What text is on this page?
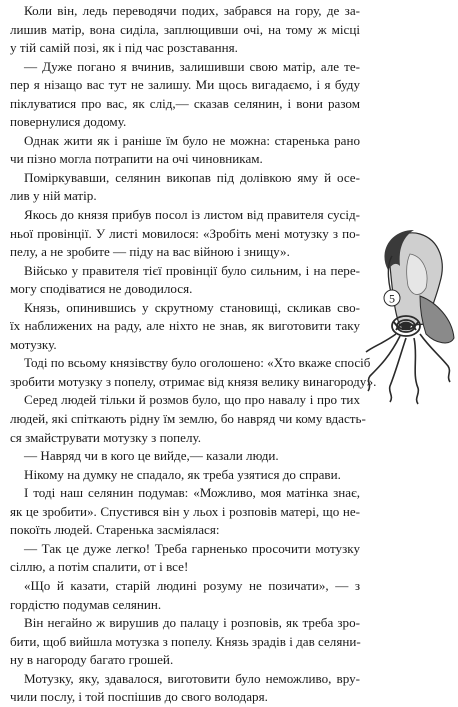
Коли він, ледь переводячи подих, забрався на гору, де за-
лишив матір, вона сиділа, заплющивши очі, на тому ж місці
у тій самій позі, як і під час розставання.

— Дуже погано я вчинив, залишивши свою матір, але те-
пер я нізащо вас тут не залишу. Ми щось вигадаємо, і я буду
піклуватися про вас, як слід,— сказав селянин, і вони разом
повернулися додому.

Однак жити як і раніше їм було не можна: старенька рано
чи пізно могла потрапити на очі чиновникам.

Поміркувавши, селянин викопав під долівкою яму й осе-
лив у ній матір.

Якось до князя прибув посол із листом від правителя сусід-
ньої провінції. У листі мовилося: «Зробіть мені мотузку з по-
пелу, а не зробите — піду на вас війною і знищу».

Військо у правителя тієї провінції було сильним, і на пере-
могу сподіватися не доводилося.

Князь, опинившись у скрутному становищі, скликав сво-
їх наближених на раду, але ніхто не знав, як виготовити таку
мотузку.

Тоді по всьому князівству було оголошено: «Хто вкаже спосіб
зробити мотузку з попелу, отримає від князя велику винагороду».

Серед людей тільки й розмов було, що про навалу і про тих
людей, які спіткають рідну їм землю, бо навряд чи кому вдасть-
ся змайструвати мотузку з попелу.

— Навряд чи в кого це вийде,— казали люди.

Нікому на думку не спадало, як треба узятися до справи.

І тоді наш селянин подумав: «Можливо, моя матінка знає,
як це зробити». Спустився він у льох і розповів матері, що не-
покоїть людей. Старенька засміялася:

— Так це дуже легко! Треба гарненько просочити мотузку
сіллю, а потім спалити, от і все!

«Що й казати, старій людині розуму не позичати», — з
гордістю подумав селянин.

Він негайно ж вирушив до палацу і розповів, як треба зро-
бити, щоб вийшла мотузка з попелу. Князь зрадів і дав селяни-
ну в нагороду багато грошей.

Мотузку, яку, здавалося, виготовити було неможливо, вру-
чили послу, і той поспішив до свого володаря.

5
